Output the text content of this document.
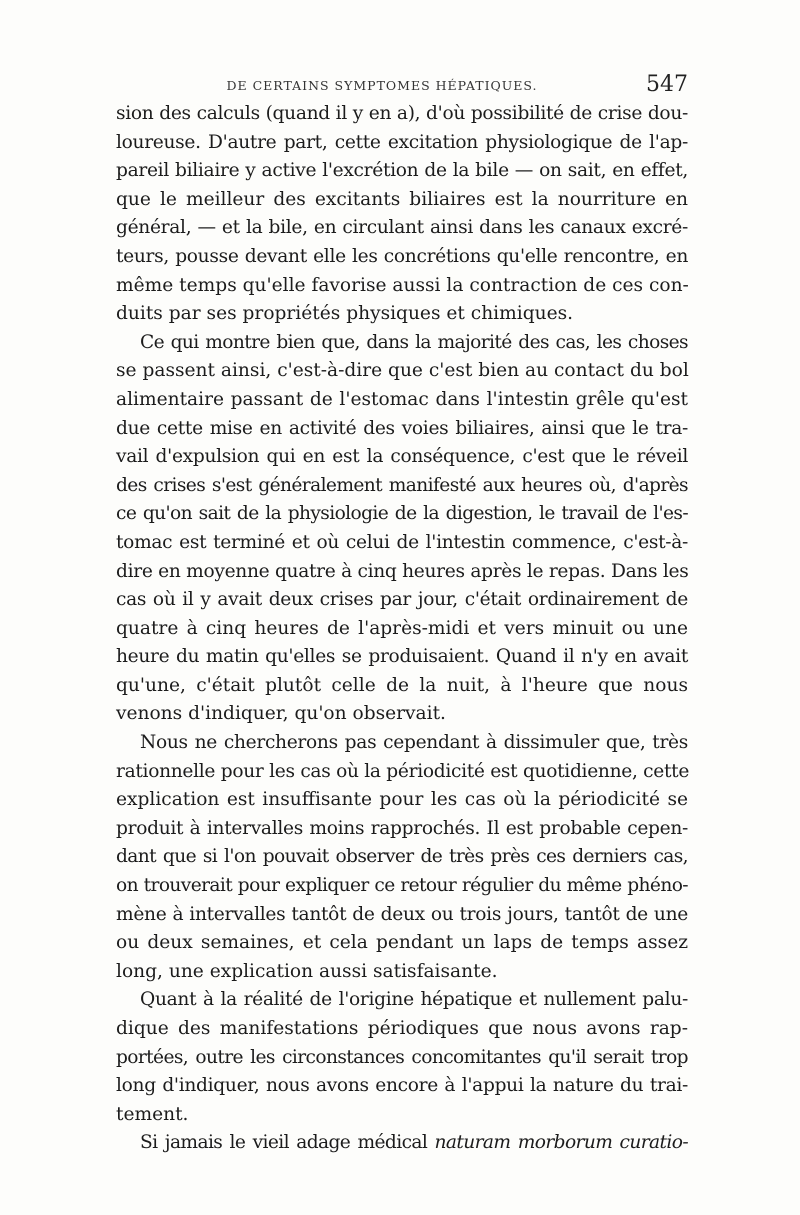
DE CERTAINS SYMPTOMES HÉPATIQUES.	547
sion des calculs (quand il y en a), d'où possibilité de crise dou-
loureuse. D'autre part, cette excitation physiologique de l'ap-
pareil biliaire y active l'excrétion de la bile — on sait, en effet,
que le meilleur des excitants biliaires est la nourriture en
général, — et la bile, en circulant ainsi dans les canaux excré-
teurs, pousse devant elle les concrétions qu'elle rencontre, en
même temps qu'elle favorise aussi la contraction de ces con-
duits par ses propriétés physiques et chimiques.
Ce qui montre bien que, dans la majorité des cas, les choses
se passent ainsi, c'est-à-dire que c'est bien au contact du bol
alimentaire passant de l'estomac dans l'intestin grêle qu'est
due cette mise en activité des voies biliaires, ainsi que le tra-
vail d'expulsion qui en est la conséquence, c'est que le réveil
des crises s'est généralement manifesté aux heures où, d'après
ce qu'on sait de la physiologie de la digestion, le travail de l'es-
tomac est terminé et où celui de l'intestin commence, c'est-à-
dire en moyenne quatre à cinq heures après le repas. Dans les
cas où il y avait deux crises par jour, c'était ordinairement de
quatre à cinq heures de l'après-midi et vers minuit ou une
heure du matin qu'elles se produisaient. Quand il n'y en avait
qu'une, c'était plutôt celle de la nuit, à l'heure que nous
venons d'indiquer, qu'on observait.
Nous ne chercherons pas cependant à dissimuler que, très
rationnelle pour les cas où la périodicité est quotidienne, cette
explication est insuffisante pour les cas où la périodicité se
produit à intervalles moins rapprochés. Il est probable cepen-
dant que si l'on pouvait observer de très près ces derniers cas,
on trouverait pour expliquer ce retour régulier du même phéno-
mène à intervalles tantôt de deux ou trois jours, tantôt de une
ou deux semaines, et cela pendant un laps de temps assez
long, une explication aussi satisfaisante.
Quant à la réalité de l'origine hépatique et nullement palu-
dique des manifestations périodiques que nous avons rap-
portées, outre les circonstances concomitantes qu'il serait trop
long d'indiquer, nous avons encore à l'appui la nature du trai-
tement.
Si jamais le vieil adage médical naturam morborum curatio-
